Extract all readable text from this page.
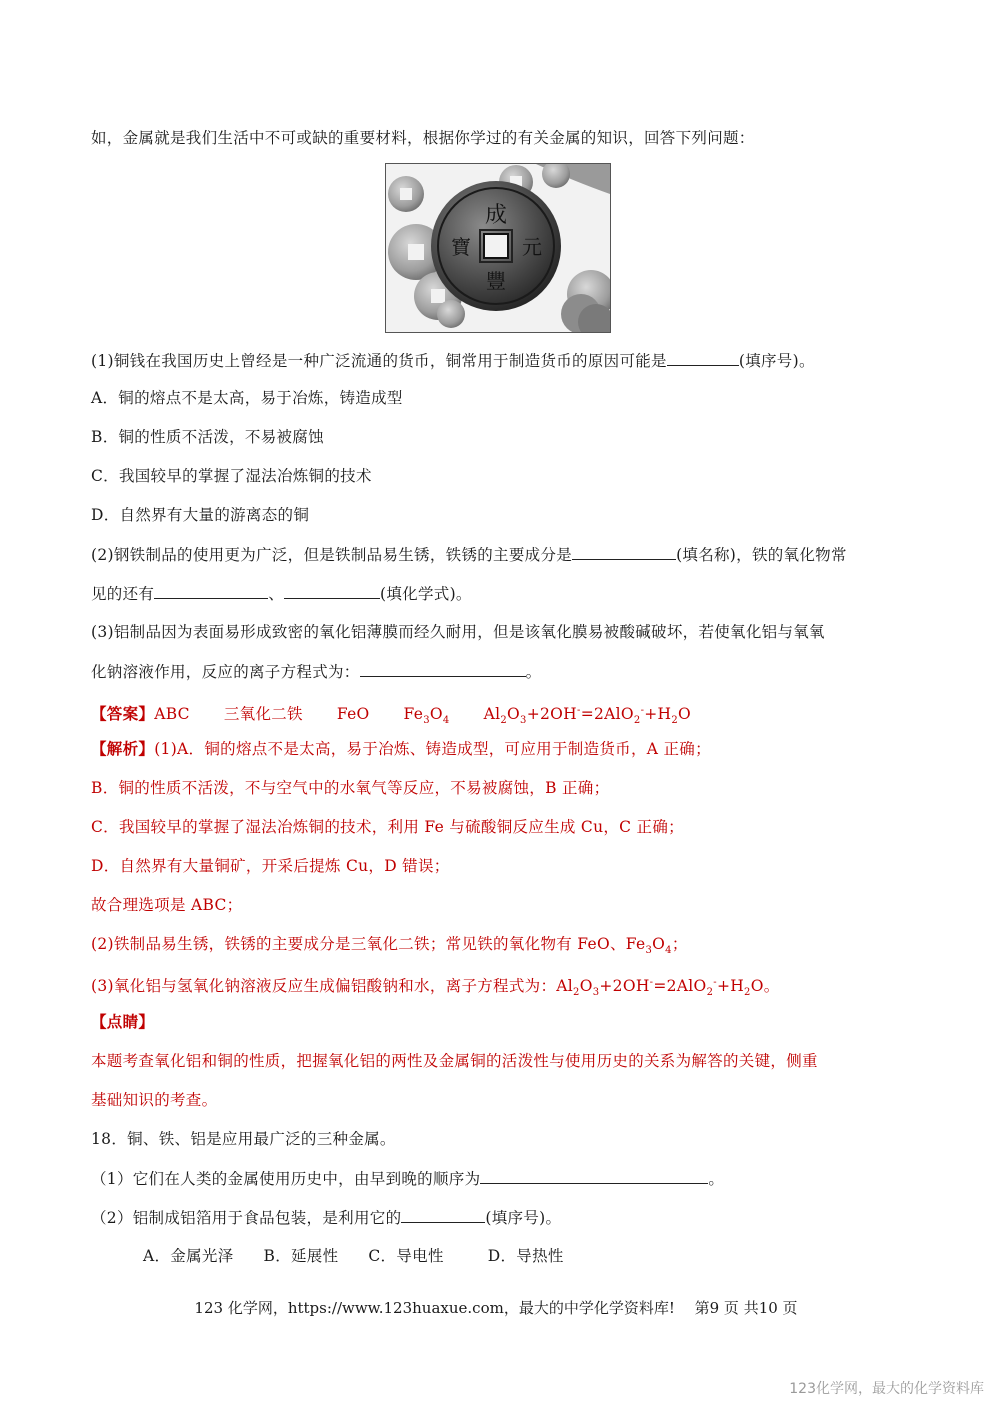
如，金属就是我们生活中不可或缺的重要材料，根据你学过的有关金属的知识，回答下列问题：
成
豐
寶	元
(1)铜钱在我国历史上曾经是一种广泛流通的货币，铜常用于制造货币的原因可能是	(填序号)。
A．铜的熔点不是太高，易于冶炼，铸造成型
B．铜的性质不活泼，不易被腐蚀
C．我国较早的掌握了湿法冶炼铜的技术
D．自然界有大量的游离态的铜
(2)钢铁制品的使用更为广泛，但是铁制品易生锈，铁锈的主要成分是	(填名称)，铁的氧化物常
见的还有	、	(填化学式)。
(3)铝制品因为表面易形成致密的氧化铝薄膜而经久耐用，但是该氧化膜易被酸碱破坏，若使氧化铝与氧氧
化钠溶液作用，反应的离子方程式为：	。
【答案】ABC 三氧化二铁 FeO $Fe_3O_4$ $Al_2O_3+2OH^-=2AlO_2^-+H_2O$
【解析】(1)A．铜的熔点不是太高，易于冶炼、铸造成型，可应用于制造货币，A 正确；
B．铜的性质不活泼，不与空气中的水氧气等反应，不易被腐蚀，B 正确；
C．我国较早的掌握了湿法冶炼铜的技术，利用 Fe 与硫酸铜反应生成 Cu，C 正确；
D．自然界有大量铜矿，开采后提炼 Cu，D 错误；
故合理选项是 ABC；
(2)铁制品易生锈，铁锈的主要成分是三氧化二铁；常见铁的氧化物有 FeO、$Fe_3O_4$；
(3)氧化铝与氢氧化钠溶液反应生成偏铝酸钠和水，离子方程式为：$Al_2O_3+2OH^-=2AlO_2^-+H_2O$。
【点睛】
本题考查氧化铝和铜的性质，把握氧化铝的两性及金属铜的活泼性与使用历史的关系为解答的关键，侧重
基础知识的考查。
18．铜、铁、铝是应用最广泛的三种金属。
（1）它们在人类的金属使用历史中，由早到晚的顺序为	。
（2）铝制成铝箔用于食品包装，是利用它的	(填序号)。
A．金属光泽 B．延展性 C．导电性	D．导热性
123 化学网，https://www.123huaxue.com，最大的中学化学资料库!　 第9 页 共10 页
123化学网，最大的化学资料库
